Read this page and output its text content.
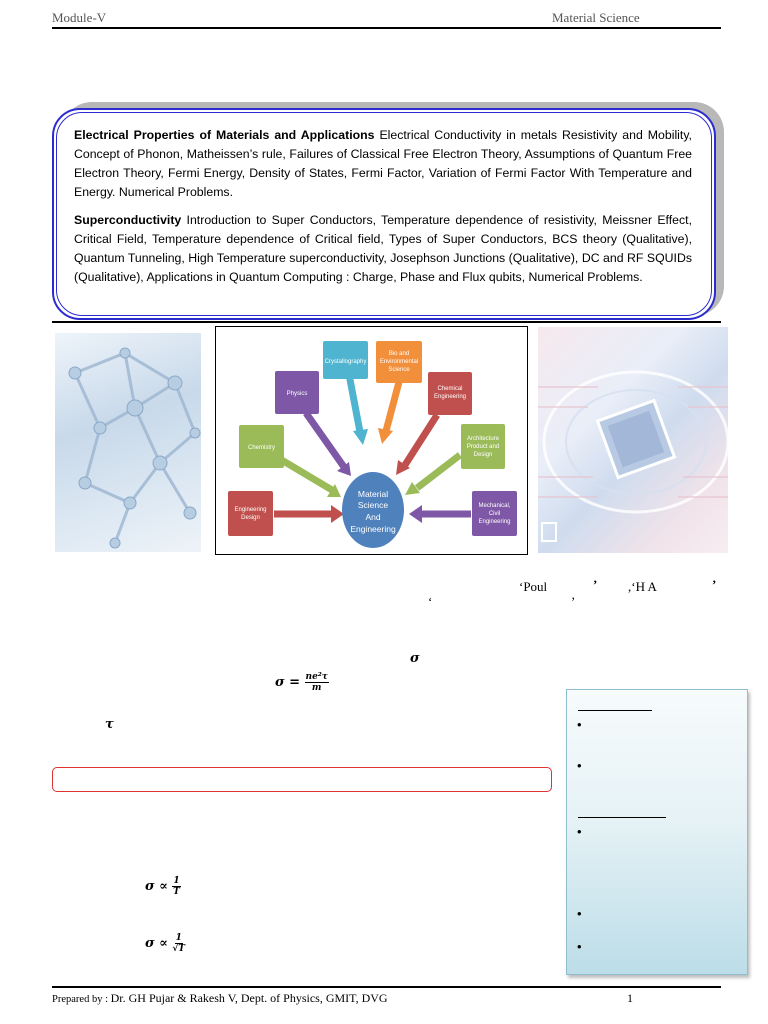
Module-V	Material Science

Electrical Properties of Materials and Applications Electrical Conductivity in metals Resistivity and Mobility, Concept of Phonon, Matheissen’s rule, Failures of Classical Free Electron Theory, Assumptions of Quantum Free Electron Theory, Fermi Energy, Density of States, Fermi Factor, Variation of Fermi Factor With Temperature and Energy. Numerical Problems.

Superconductivity Introduction to Super Conductors, Temperature dependence of resistivity, Meissner Effect, Critical Field, Temperature dependence of Critical field, Types of Super Conductors, BCS theory (Qualitative), Quantum Tunneling, High Temperature superconductivity, Josephson Junctions (Qualitative), DC and RF SQUIDs (Qualitative), Applications in Quantum Computing : Charge, Phase and Flux qubits, Numerical Problems.

Crystallography
Bio and
Environmental
Science
Physics
Chemical
Engineering
Chemistry
Architecture
Product and
Design
Engineering
Design
Mechanical,
Civil
Engineering
Material
Science
And
Engineering
‘Poul	’ ,‘H A	’
‘	’
σ
$\sigma = \frac{\text{ne²τ}}{m}$
τ
$\sigma \propto \frac{1}{T}$
$\sigma \propto \frac{1}{√T}$
•
•
•
•
•
Prepared by : Dr. GH Pujar & Rakesh V, Dept. of Physics, GMIT, DVG	1
